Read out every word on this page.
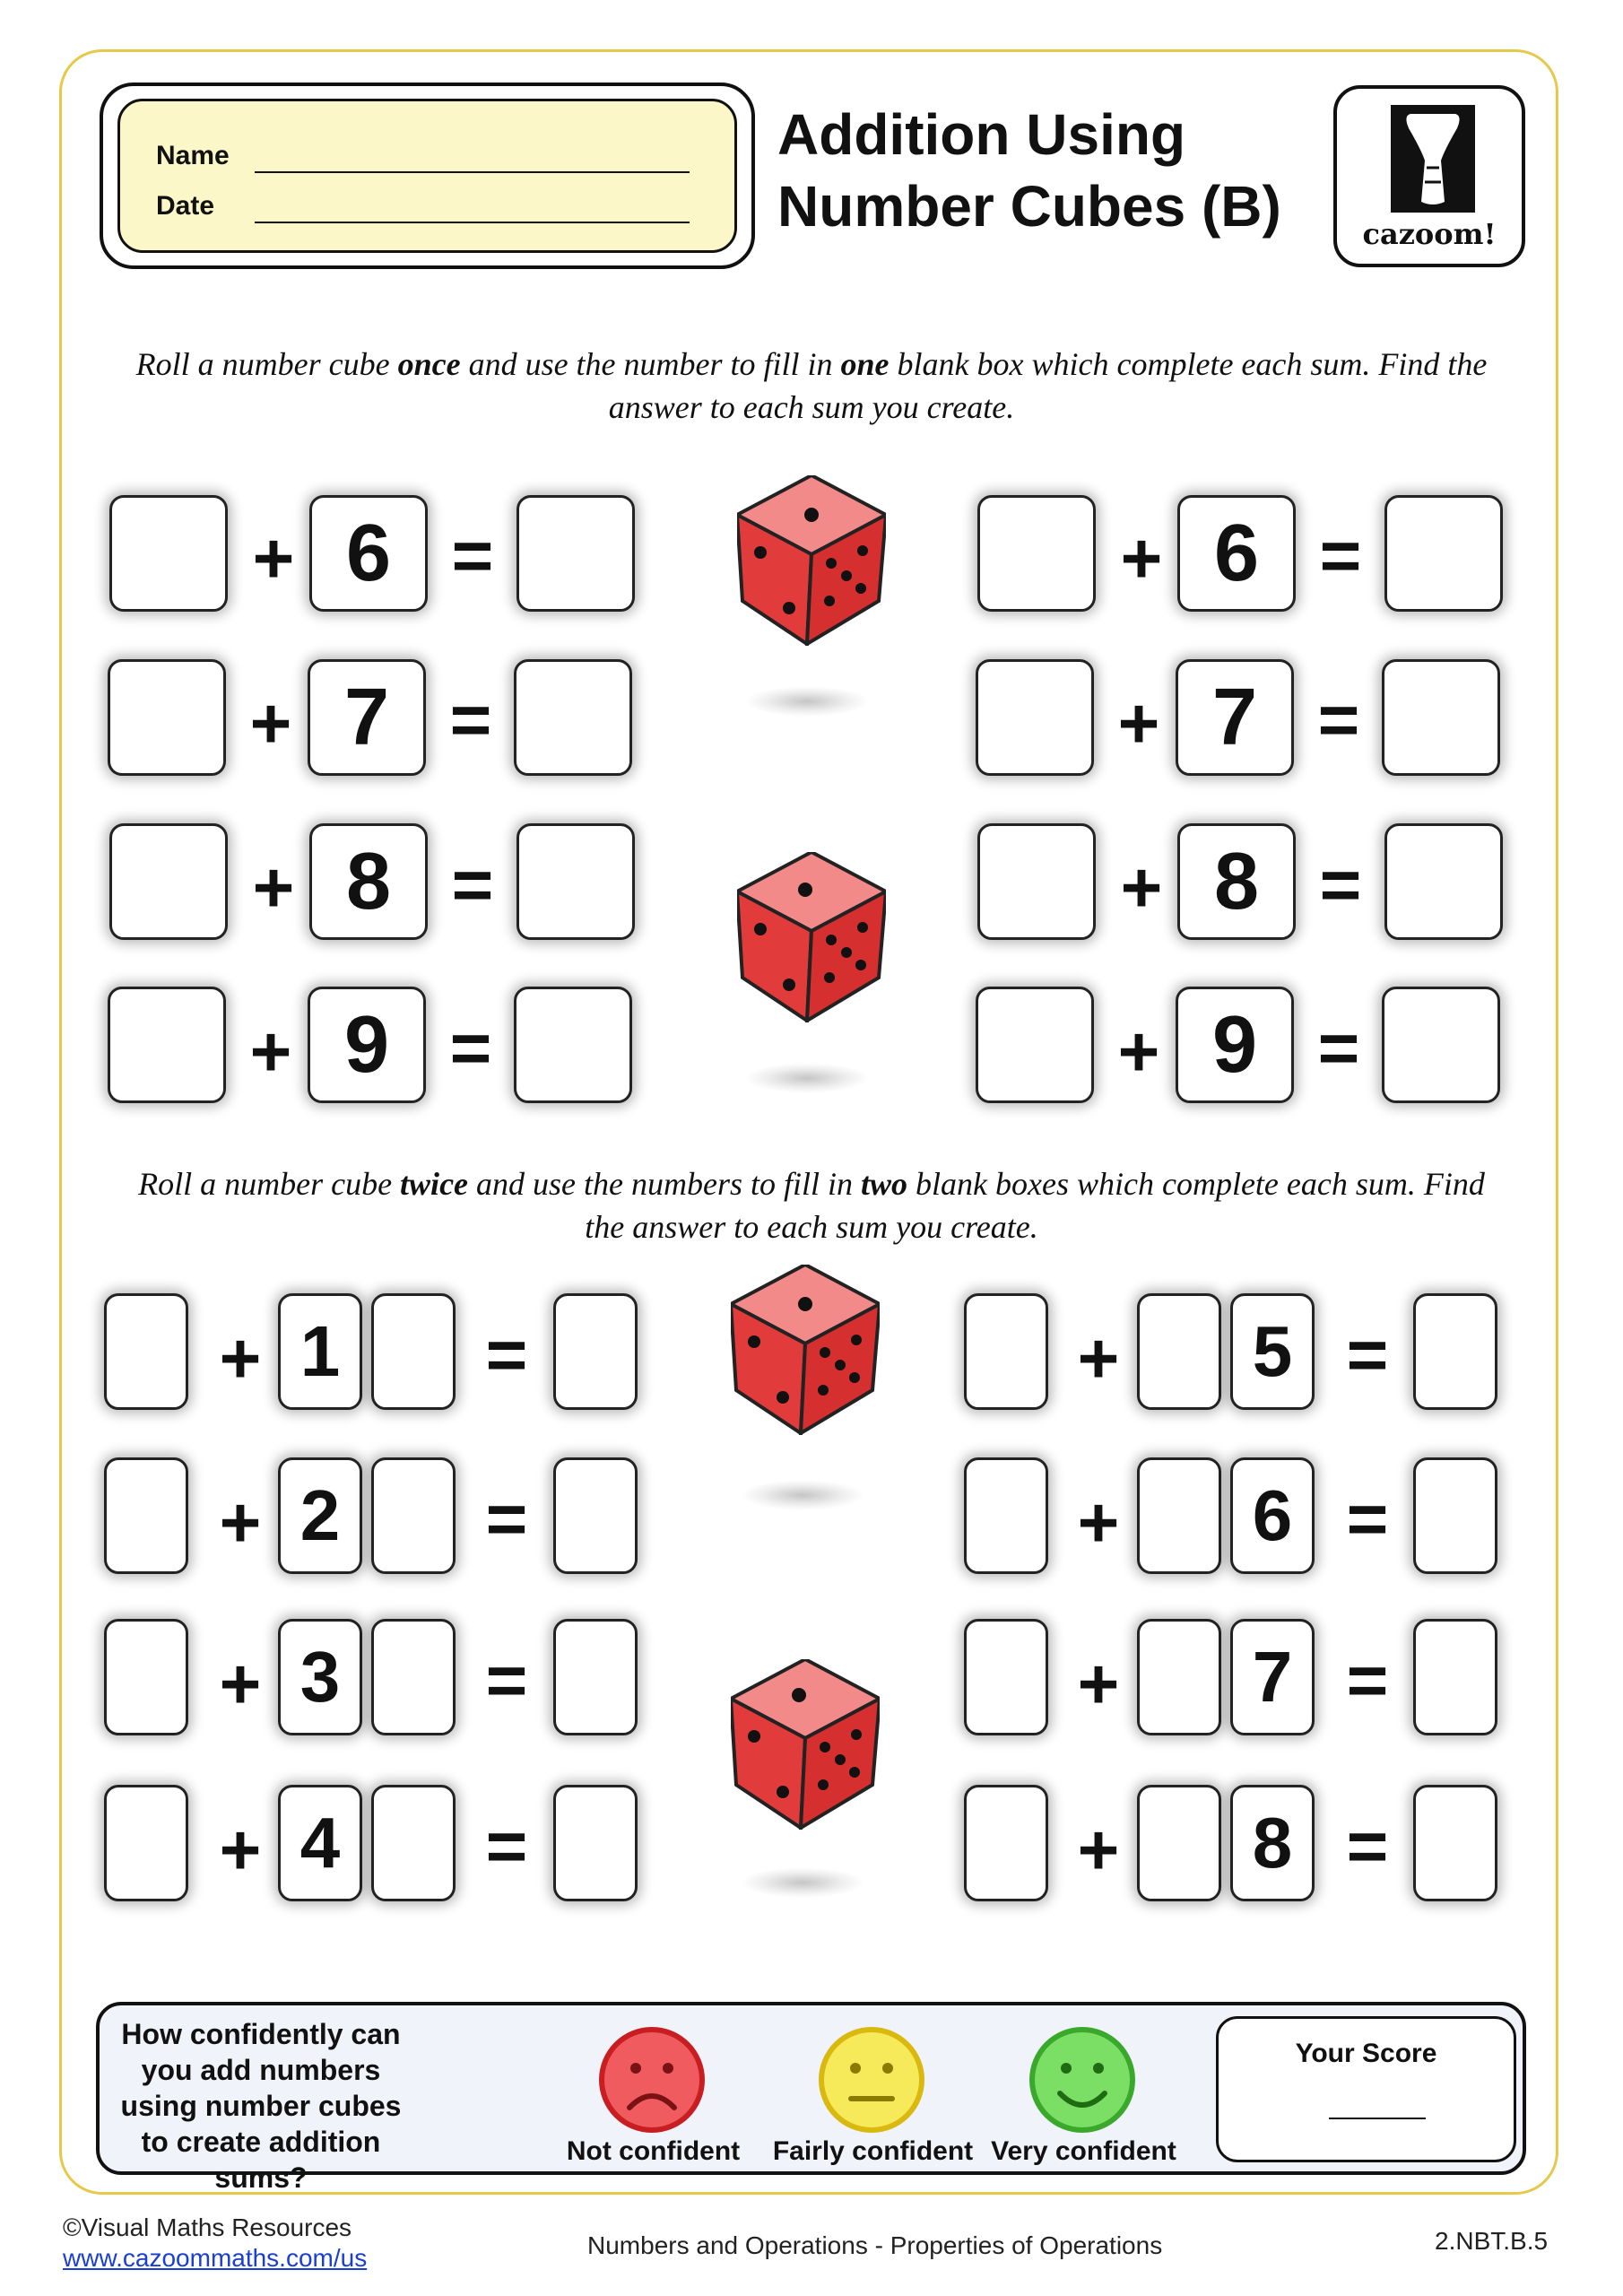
Name
Date
Addition Using
Number Cubes (B)	cazoom!
Roll a number cube once and use the number to fill in one blank box which complete each sum. Find the answer to each sum you create.
+ 6 =
+ 7 =
+ 8 =
+ 9 =
+ 6 =
+ 7 =
+ 8 =
+ 9 =
Roll a number cube twice and use the numbers to fill in two blank boxes which complete each sum. Find the answer to each sum you create.
+ 1	=
+ 2	=
+ 3	=
+ 4	=
+	5 =
+	6 =
+	7 =
+	8 =
How confidently can you add numbers using number cubes to create addition sums?
Not confident	Fairly confident Very confident
Your Score
©Visual Maths Resources
www.cazoommaths.com/us	Numbers and Operations - Properties of Operations	2.NBT.B.5
